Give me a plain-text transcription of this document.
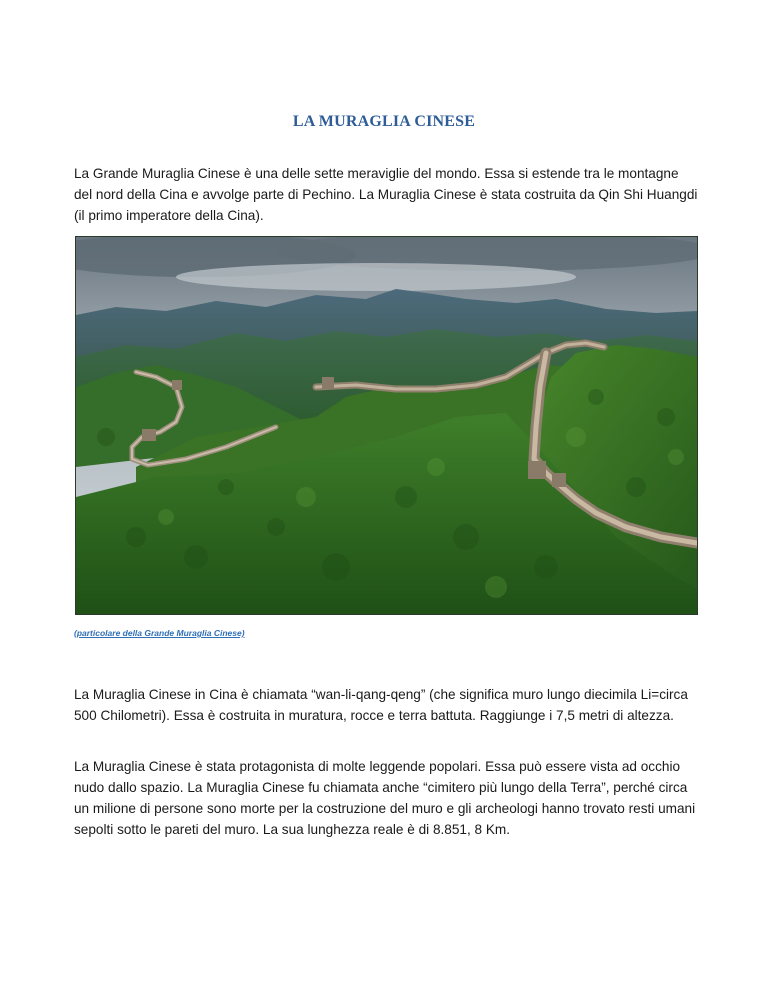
LA MURAGLIA CINESE

La Grande Muraglia Cinese è una delle sette meraviglie del mondo. Essa si estende tra le montagne del nord della Cina e avvolge parte di Pechino. La Muraglia Cinese è stata costruita da Qin Shi Huangdi (il primo imperatore della Cina).

(particolare della Grande Muraglia Cinese)

La Muraglia Cinese in Cina è chiamata “wan-li-qang-qeng” (che significa muro lungo diecimila Li=circa 500 Chilometri). Essa è costruita in muratura, rocce e terra battuta. Raggiunge i 7,5 metri di altezza.

La Muraglia Cinese è stata protagonista di molte leggende popolari. Essa può essere vista ad occhio nudo dallo spazio. La Muraglia Cinese fu chiamata anche “cimitero più lungo della Terra”, perché circa un milione di persone sono morte per la costruzione del muro e gli archeologi hanno trovato resti umani sepolti sotto le pareti del muro. La sua lunghezza reale è di 8.851, 8 Km.
